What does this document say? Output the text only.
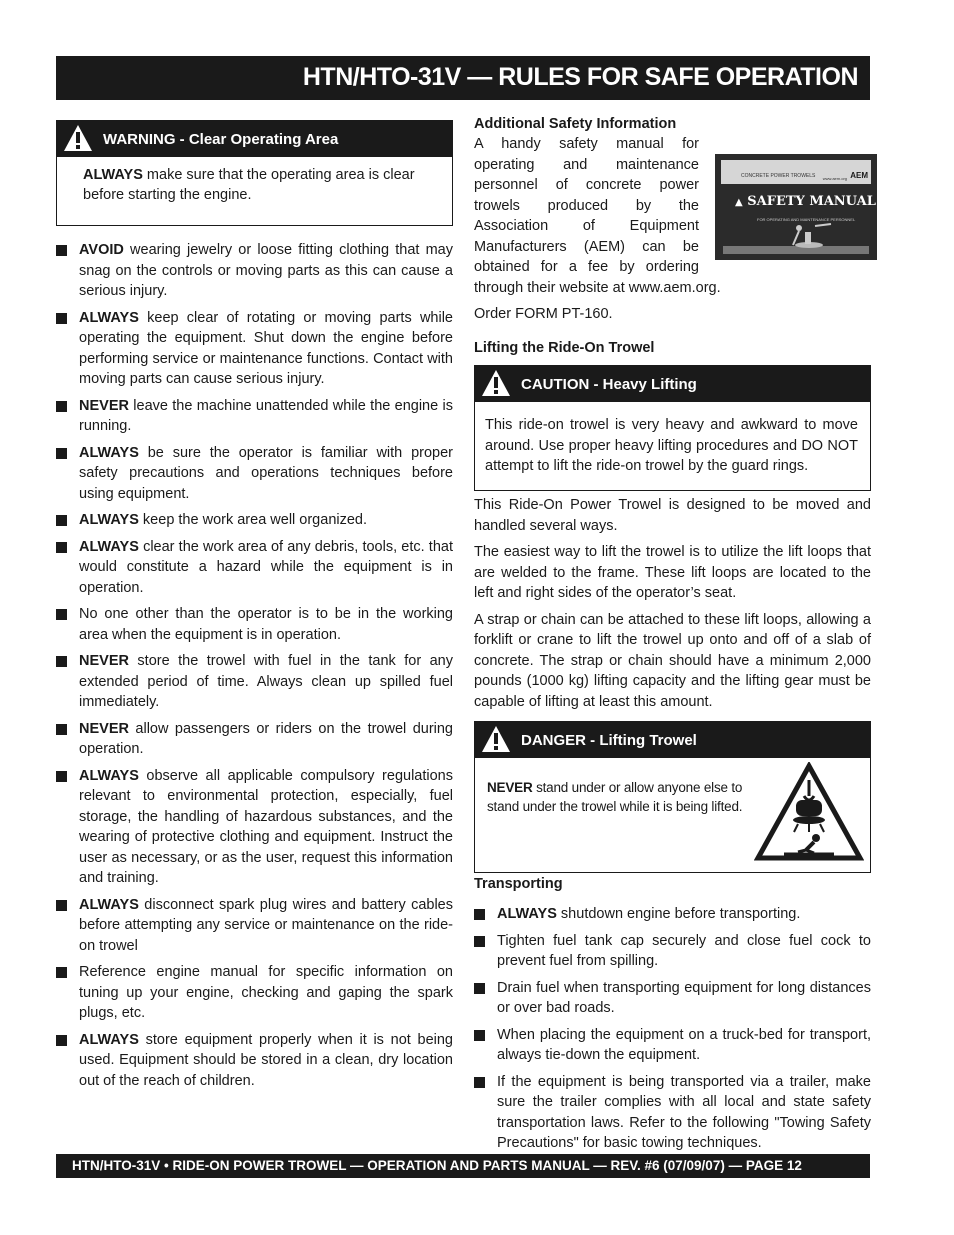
HTN/HTO-31V — RULES FOR SAFE OPERATION
WARNING - Clear Operating Area
ALWAYS make sure that the operating area is clear before starting the engine.
AVOID wearing jewelry or loose fitting clothing that may snag on the controls or moving parts as this can cause a serious injury.
ALWAYS keep clear of rotating or moving parts while operating the equipment. Shut down the engine before performing service or maintenance functions. Contact with moving parts can cause serious injury.
NEVER leave the machine unattended while the engine is running.
ALWAYS be sure the operator is familiar with proper safety precautions and operations techniques before using equipment.
ALWAYS keep the work area well organized.
ALWAYS clear the work area of any debris, tools, etc. that would constitute a hazard while the equipment is in operation.
No one other than the operator is to be in the working area when the equipment is in operation.
NEVER store the trowel with fuel in the tank for any extended period of time. Always clean up spilled fuel immediately.
NEVER allow passengers or riders on the trowel during operation.
ALWAYS observe all applicable compulsory regulations relevant to environmental protection, especially, fuel storage, the handling of hazardous substances, and the wearing of protective clothing and equipment. Instruct the user as necessary, or as the user, request this information and training.
ALWAYS disconnect spark plug wires and battery cables before attempting any service or maintenance on the ride-on trowel
Reference engine manual for specific information on tuning up your engine, checking and gaping the spark plugs, etc.
ALWAYS store equipment properly when it is not being used. Equipment should be stored in a clean, dry location out of the reach of children.
Additional Safety Information
CONCRETE POWER TROWELS www.aem.org AEM
▲ SAFETY MANUAL
FOR OPERATING AND MAINTENANCE PERSONNEL
A handy safety manual for operating and maintenance personnel of concrete power trowels produced by the Association of Equipment Manufacturers (AEM) can be obtained for a fee by ordering through their website at www.aem.org.
Order FORM PT-160.
Lifting the Ride-On Trowel
CAUTION - Heavy Lifting
This ride-on trowel is very heavy and awkward to move around. Use proper heavy lifting procedures and DO NOT attempt to lift the ride-on trowel by the guard rings.
This Ride-On Power Trowel is designed to be moved and handled several ways.
The easiest way to lift the trowel is to utilize the lift loops that are welded to the frame. These lift loops are located to the left and right sides of the operator’s seat.
A strap or chain can be attached to these lift loops, allowing a forklift or crane to lift the trowel up onto and off of a slab of concrete. The strap or chain should have a minimum 2,000 pounds (1000 kg) lifting capacity and the lifting gear must be capable of lifting at least this amount.
DANGER - Lifting Trowel
NEVER stand under or allow anyone else to stand under the trowel while it is being lifted.
Transporting
ALWAYS shutdown engine before transporting.
Tighten fuel tank cap securely and close fuel cock to prevent fuel from spilling.
Drain fuel when transporting equipment for long distances or over bad roads.
When placing the equipment on a truck-bed for transport, always tie-down the equipment.
If the equipment is being transported via a trailer, make sure the trailer complies with all local and state safety transportation laws. Refer to the following "Towing Safety Precautions" for basic towing techniques.
HTN/HTO-31V • RIDE-ON POWER TROWEL — OPERATION AND PARTS MANUAL — REV. #6 (07/09/07) — PAGE 12
